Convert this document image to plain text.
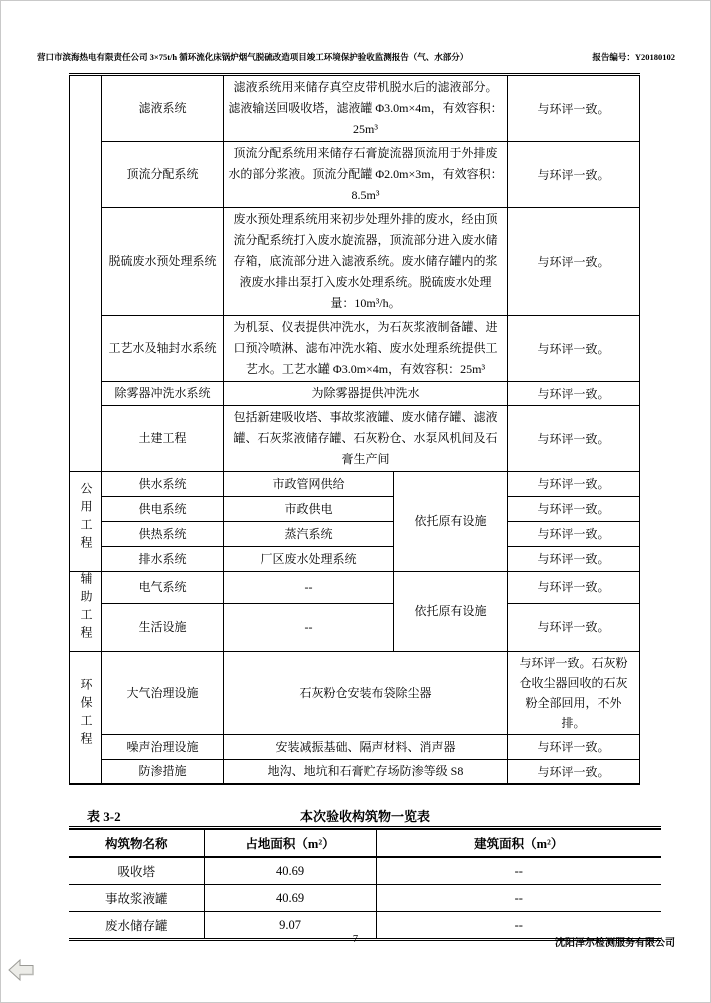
营口市滨海热电有限责任公司 3×75t/h 循环流化床锅炉烟气脱硫改造项目竣工环境保护验收监测报告（气、水部分）	报告编号：Y20180102
	滤液系统	滤液系统用来储存真空皮带机脱水后的滤液部分。滤液输送回吸收塔，滤液罐 Φ3.0m×4m，有效容积：25m³		与环评一致。
	顶流分配系统	顶流分配系统用来储存石膏旋流器顶流用于外排废水的部分浆液。顶流分配罐 Φ2.0m×3m，有效容积：8.5m³		与环评一致。
	脱硫废水预处理系统	废水预处理系统用来初步处理外排的废水，经由顶流分配系统打入废水旋流器，顶流部分进入废水储存箱，底流部分进入滤液系统。废水储存罐内的浆液废水排出泵打入废水处理系统。脱硫废水处理量：10m³/h。		与环评一致。
	工艺水及轴封水系统	为机泵、仪表提供冲洗水，为石灰浆液制备罐、进口预冷喷淋、滤布冲洗水箱、废水处理系统提供工艺水。工艺水罐 Φ3.0m×4m，有效容积：25m³		与环评一致。
	除雾器冲洗水系统	为除雾器提供冲洗水		与环评一致。
	土建工程	包括新建吸收塔、事故浆液罐、废水储存罐、滤液罐、石灰浆液储存罐、石灰粉仓、水泵风机间及石膏生产间		与环评一致。
公用工程	供水系统	市政管网供给	依托原有设施	与环评一致。
	供电系统	市政供电		与环评一致。
	供热系统	蒸汽系统		与环评一致。
	排水系统	厂区废水处理系统		与环评一致。
辅助工程	电气系统	--	依托原有设施	与环评一致。
	生活设施	--		与环评一致。
环保工程	大气治理设施	石灰粉仓安装布袋除尘器		与环评一致。石灰粉仓收尘器回收的石灰粉全部回用，不外排。
	噪声治理设施	安装减振基础、隔声材料、消声器		与环评一致。
	防渗措施	地沟、地坑和石膏贮存场防渗等级 S8		与环评一致。
表 3-2	本次验收构筑物一览表
构筑物名称	占地面积（m²）	建筑面积（m²）
吸收塔	40.69	--
事故浆液罐	40.69	--
废水储存罐	9.07	--
7	沈阳泽尔检测服务有限公司
